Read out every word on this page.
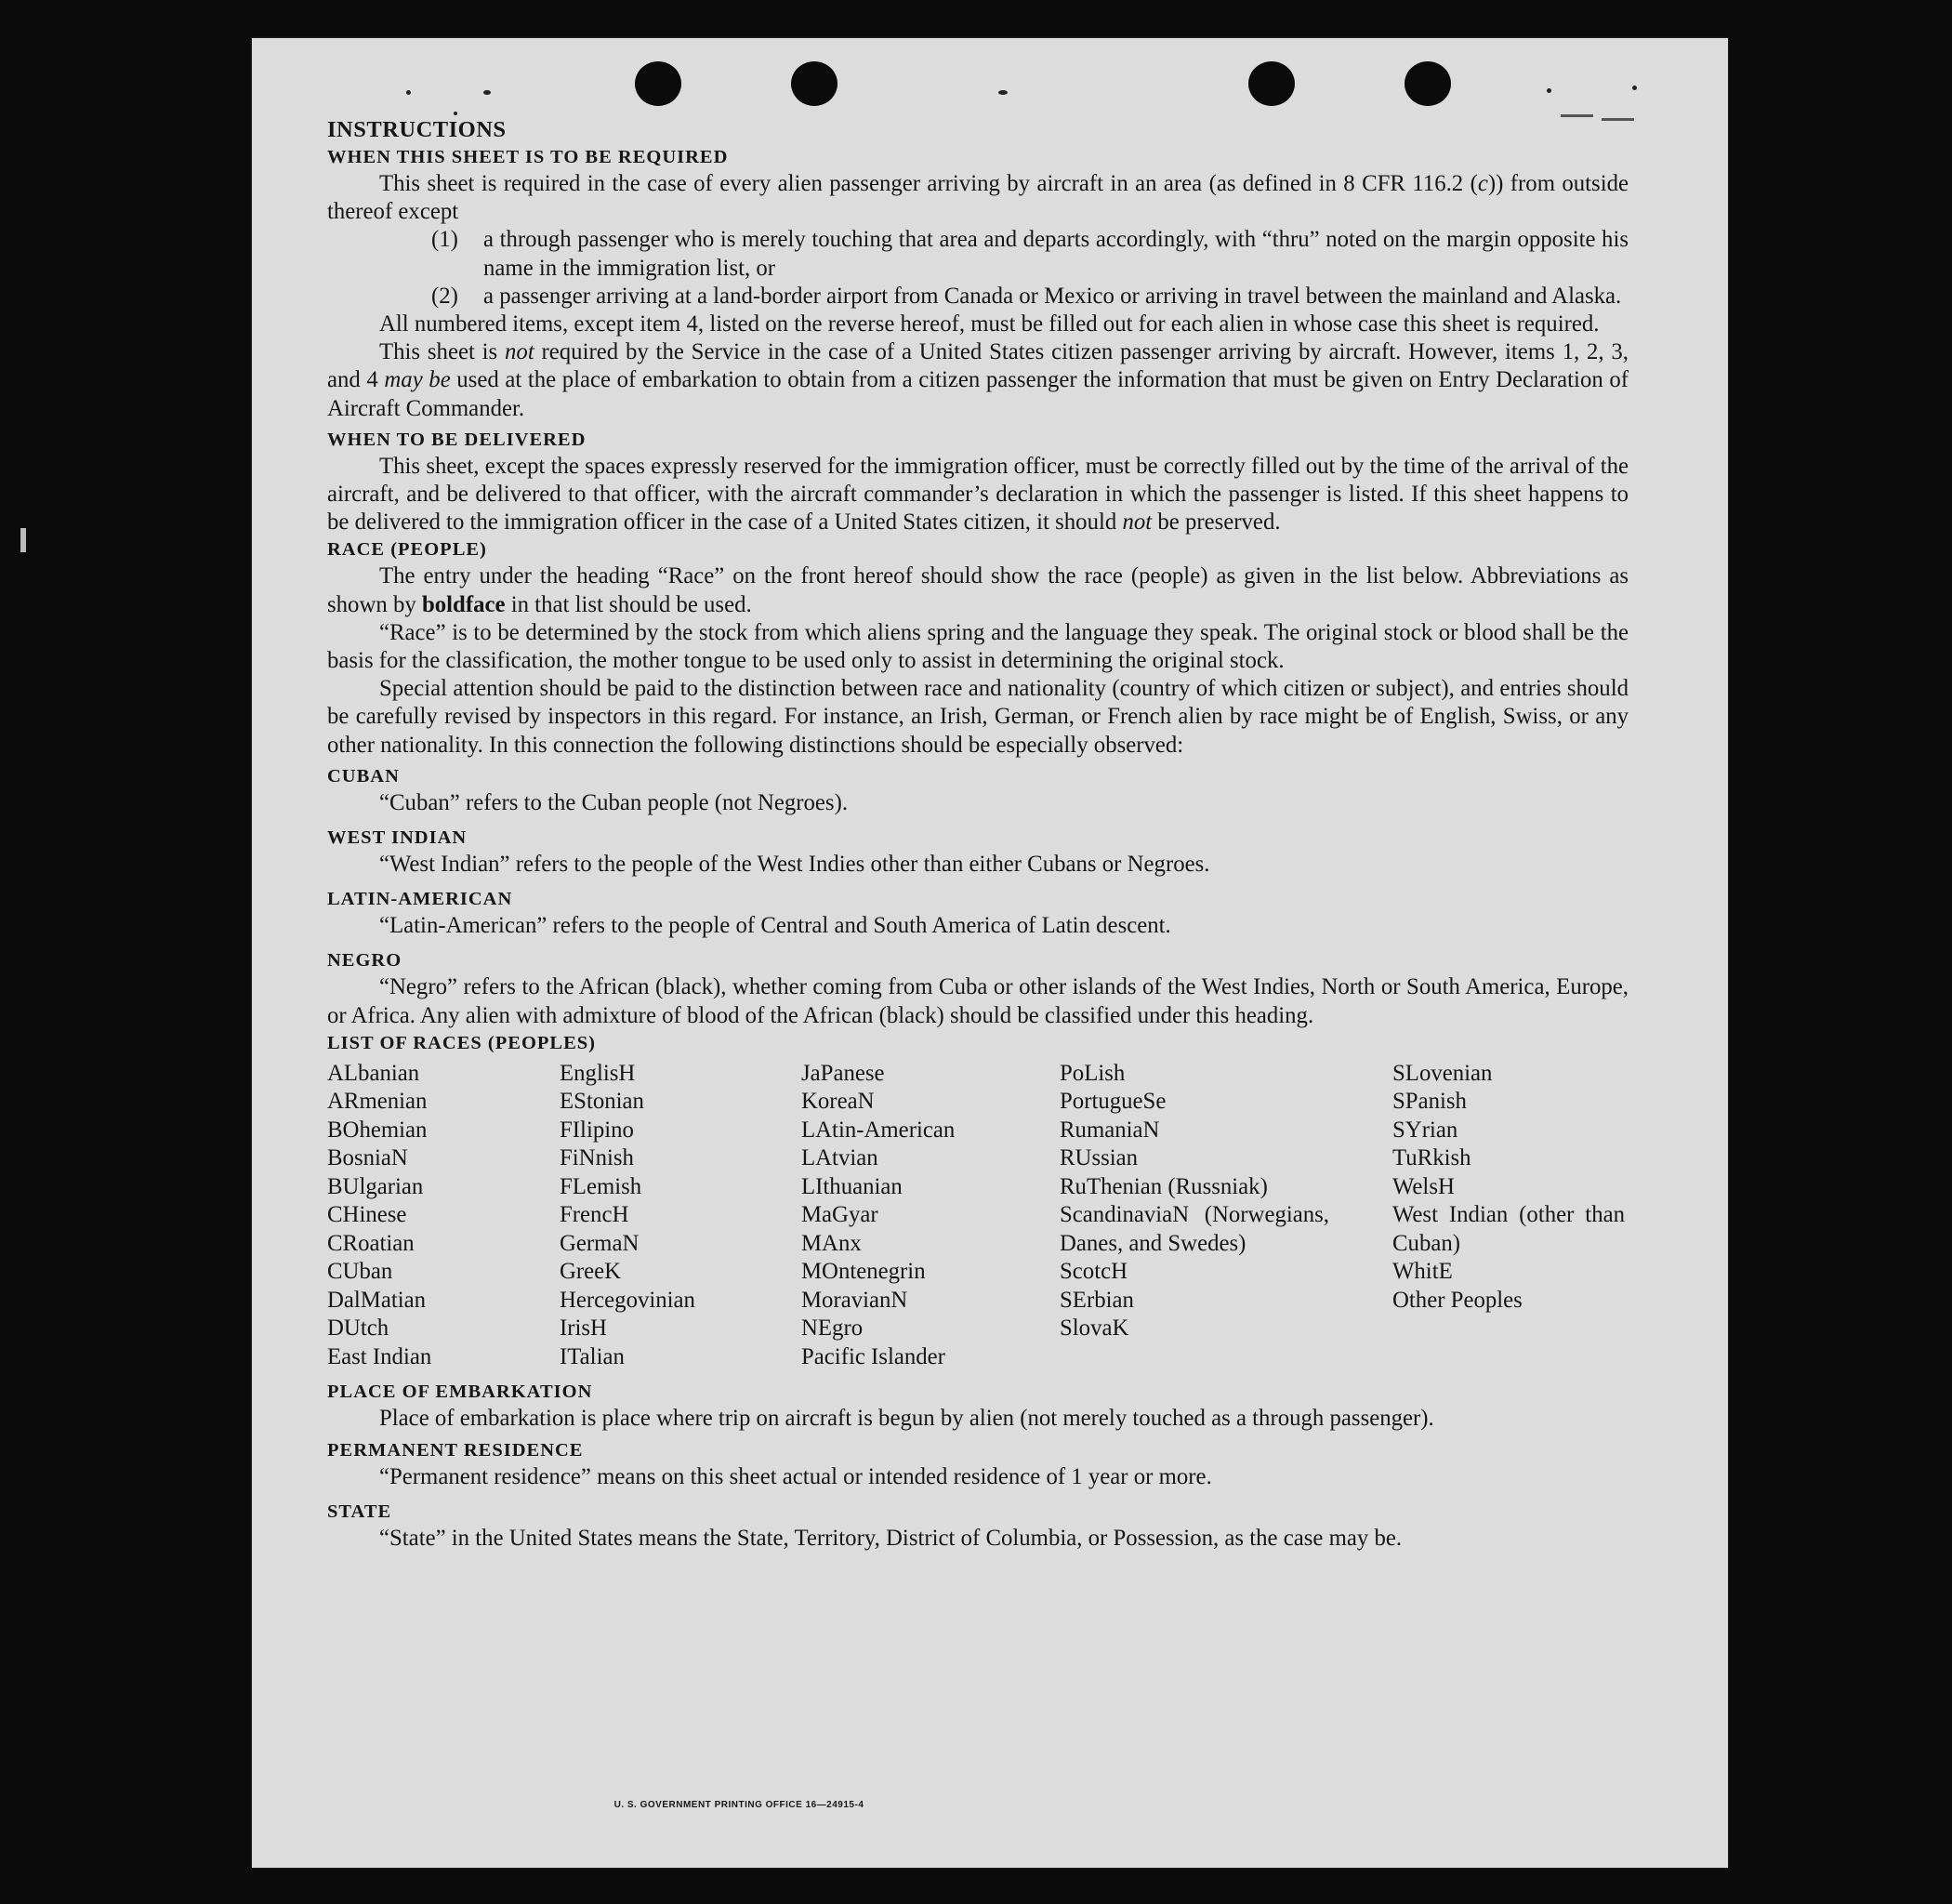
INSTRUCTIONS

WHEN THIS SHEET IS TO BE REQUIRED

This sheet is required in the case of every alien passenger arriving by aircraft in an area (as defined in 8 CFR 116.2 (c)) from outside thereof except

(1)	a through passenger who is merely touching that area and departs accordingly, with “thru” noted on the margin opposite his name in the immigration list, or
(2)	a passenger arriving at a land-border airport from Canada or Mexico or arriving in travel between the mainland and Alaska.

All numbered items, except item 4, listed on the reverse hereof, must be filled out for each alien in whose case this sheet is required.

This sheet is not required by the Service in the case of a United States citizen passenger arriving by aircraft. However, items 1, 2, 3, and 4 may be used at the place of embarkation to obtain from a citizen passenger the information that must be given on Entry Declaration of Aircraft Commander.

WHEN TO BE DELIVERED

This sheet, except the spaces expressly reserved for the immigration officer, must be correctly filled out by the time of the arrival of the aircraft, and be delivered to that officer, with the aircraft commander’s declaration in which the passenger is listed. If this sheet happens to be delivered to the immigration officer in the case of a United States citizen, it should not be preserved.

RACE (PEOPLE)

The entry under the heading “Race” on the front hereof should show the race (people) as given in the list below. Abbreviations as shown by boldface in that list should be used.

“Race” is to be determined by the stock from which aliens spring and the language they speak. The original stock or blood shall be the basis for the classification, the mother tongue to be used only to assist in determining the original stock.

Special attention should be paid to the distinction between race and nationality (country of which citizen or subject), and entries should be carefully revised by inspectors in this regard. For instance, an Irish, German, or French alien by race might be of English, Swiss, or any other nationality. In this connection the following distinctions should be especially observed:

CUBAN

“Cuban” refers to the Cuban people (not Negroes).

WEST INDIAN

“West Indian” refers to the people of the West Indies other than either Cubans or Negroes.

LATIN-AMERICAN

“Latin-American” refers to the people of Central and South America of Latin descent.

NEGRO

“Negro” refers to the African (black), whether coming from Cuba or other islands of the West Indies, North or South America, Europe, or Africa. Any alien with admixture of blood of the African (black) should be classified under this heading.

LIST OF RACES (PEOPLES)

ALbanian
ARmenian
BOhemian
BosniaN
BUlgarian
CHinese
CRoatian
CUban
DalMatian
DUtch
East Indian
EnglisH
EStonian
FIlipino
FiNnish
FLemish
FrencH
GermaN
GreeK
Hercegovinian
IrisH
ITalian
JaPanese
KoreaN
LAtin-American
LAtvian
LIthuanian
MaGyar
MAnx
MOntenegrin
MoravianN
NEgro
Pacific Islander
PoLish
PortugueSe
RumaniaN
RUssian
RuThenian (Russniak)
ScandinaviaN (Norwegians, Danes, and Swedes)
ScotcH
SErbian
SlovaK
SLovenian
SPanish
SYrian
TuRkish
WelsH
West Indian (other than Cuban)
WhitE
Other Peoples

PLACE OF EMBARKATION

Place of embarkation is place where trip on aircraft is begun by alien (not merely touched as a through passenger).

PERMANENT RESIDENCE

“Permanent residence” means on this sheet actual or intended residence of 1 year or more.

STATE

“State” in the United States means the State, Territory, District of Columbia, or Possession, as the case may be.

U. S. GOVERNMENT PRINTING OFFICE 16—24915-4
